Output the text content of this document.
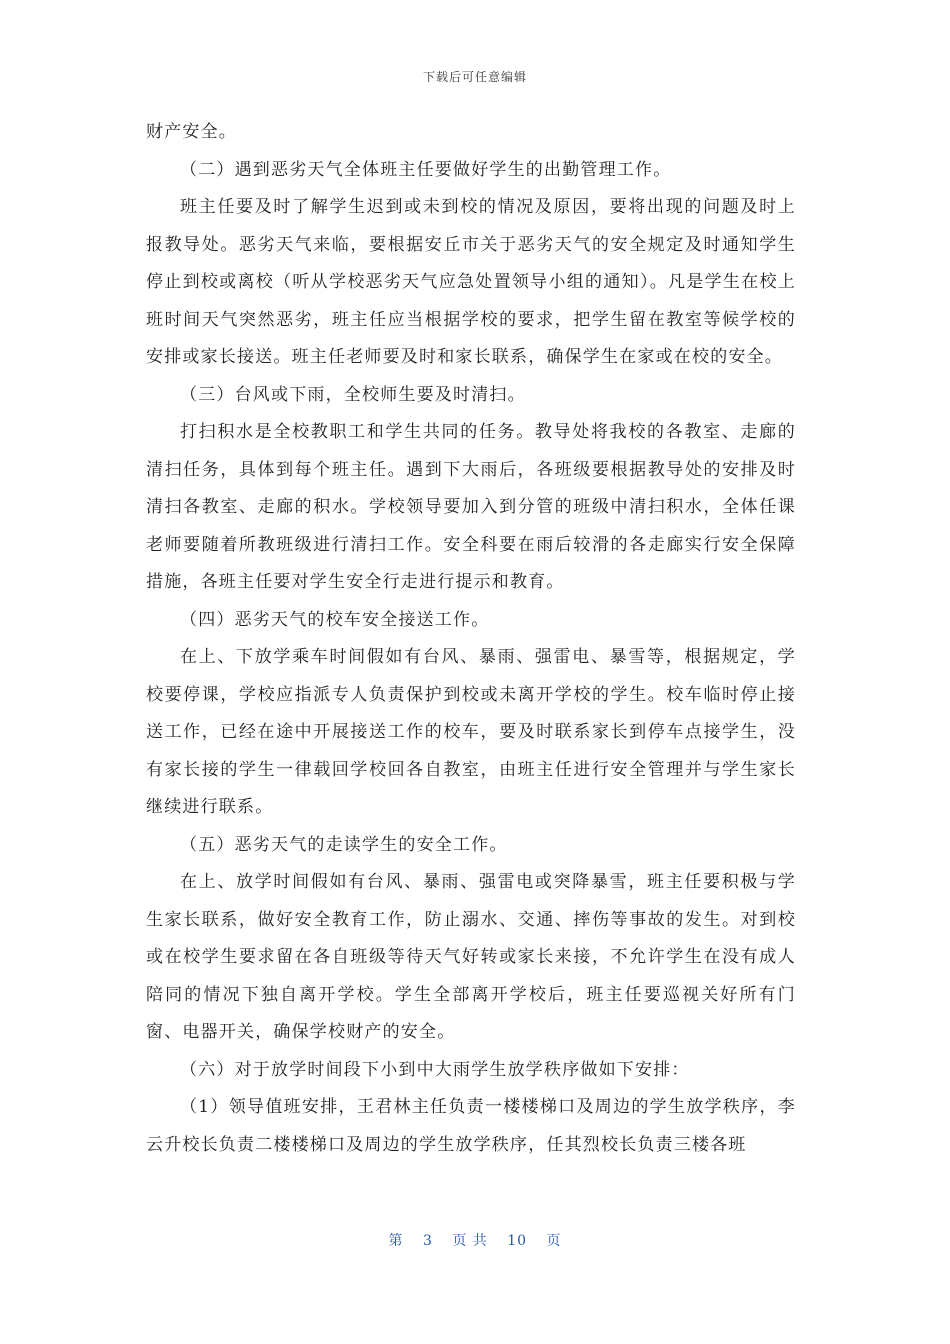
下载后可任意编辑

财产安全。

（二）遇到恶劣天气全体班主任要做好学生的出勤管理工作。

班主任要及时了解学生迟到或未到校的情况及原因，要将出现的问题及时上报教导处。恶劣天气来临，要根据安丘市关于恶劣天气的安全规定及时通知学生停止到校或离校（听从学校恶劣天气应急处置领导小组的通知）。凡是学生在校上班时间天气突然恶劣，班主任应当根据学校的要求，把学生留在教室等候学校的安排或家长接送。班主任老师要及时和家长联系，确保学生在家或在校的安全。

（三）台风或下雨，全校师生要及时清扫。

打扫积水是全校教职工和学生共同的任务。教导处将我校的各教室、走廊的清扫任务，具体到每个班主任。遇到下大雨后，各班级要根据教导处的安排及时清扫各教室、走廊的积水。学校领导要加入到分管的班级中清扫积水，全体任课老师要随着所教班级进行清扫工作。安全科要在雨后较滑的各走廊实行安全保障措施，各班主任要对学生安全行走进行提示和教育。

（四）恶劣天气的校车安全接送工作。

在上、下放学乘车时间假如有台风、暴雨、强雷电、暴雪等，根据规定，学校要停课，学校应指派专人负责保护到校或未离开学校的学生。校车临时停止接送工作，已经在途中开展接送工作的校车，要及时联系家长到停车点接学生，没有家长接的学生一律载回学校回各自教室，由班主任进行安全管理并与学生家长继续进行联系。

（五）恶劣天气的走读学生的安全工作。

在上、放学时间假如有台风、暴雨、强雷电或突降暴雪，班主任要积极与学生家长联系，做好安全教育工作，防止溺水、交通、摔伤等事故的发生。对到校或在校学生要求留在各自班级等待天气好转或家长来接，不允许学生在没有成人陪同的情况下独自离开学校。学生全部离开学校后，班主任要巡视关好所有门窗、电器开关，确保学校财产的安全。

（六）对于放学时间段下小到中大雨学生放学秩序做如下安排：

（1）领导值班安排，王君林主任负责一楼楼梯口及周边的学生放学秩序，李云升校长负责二楼楼梯口及周边的学生放学秩序，任其烈校长负责三楼各班

第 3 页 共 10 页
